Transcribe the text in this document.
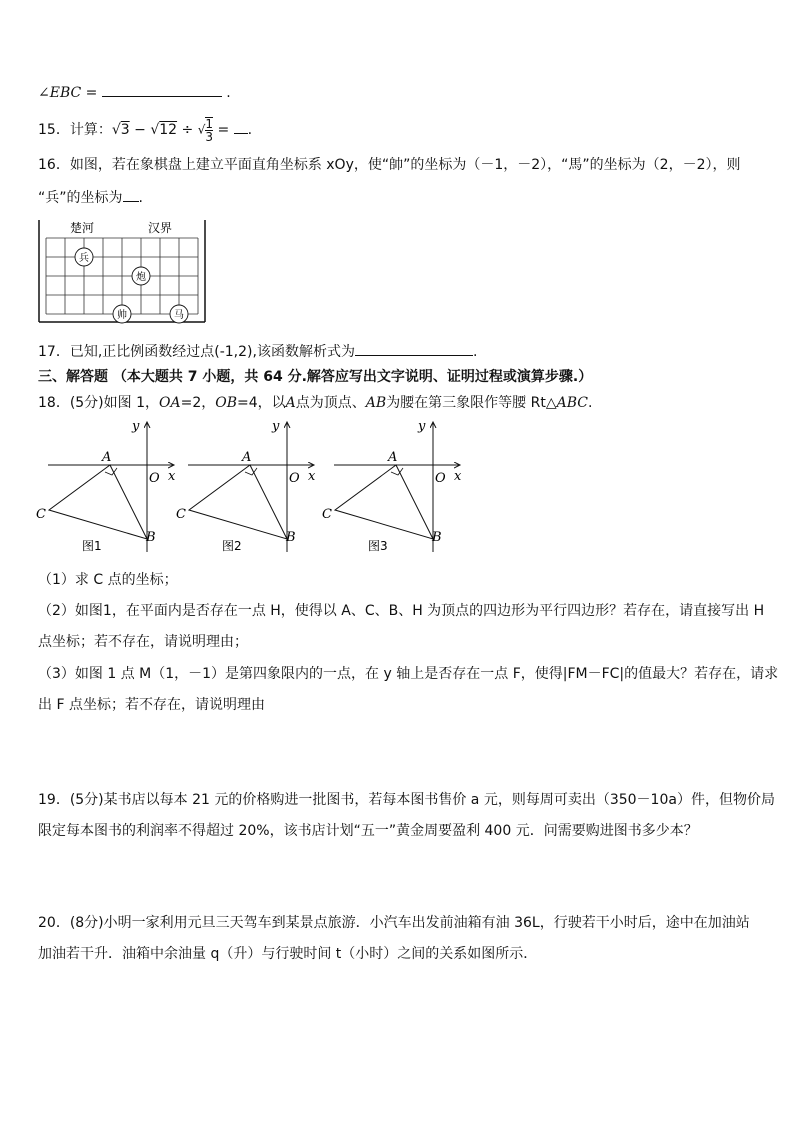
∠EBC =	.
15．计算：√3 − √12 ÷ √ $\frac{1}{3}$ = .
16．如图，若在象棋盘上建立平面直角坐标系 xOy，使“帥”的坐标为（－1，－2），“馬”的坐标为（2，－2），则
“兵”的坐标为 .
楚河	汉界
兵
炮
帅	马
17．已知,正比例函数经过点(-1,2),该函数解析式为	.
三、解答题 （本大题共 7 小题，共 64 分.解答应写出文字说明、证明过程或演算步骤.）
18．(5分)如图 1，OA=2，OB=4，以A点为顶点、AB为腰在第三象限作等腰 Rt△ABC.
y
x
O
A
B
C
图1
y
x
O
A
B
C
图2
y
x
O
A
B
C
图3
（1）求 C 点的坐标；
（2）如图1，在平面内是否存在一点 H，使得以 A、C、B、H 为顶点的四边形为平行四边形？若存在，请直接写出 H
点坐标；若不存在，请说明理由；
（3）如图 1 点 M（1，－1）是第四象限内的一点，在 y 轴上是否存在一点 F，使得|FM－FC|的值最大？若存在，请求
出 F 点坐标；若不存在，请说明理由
19．(5分)某书店以每本 21 元的价格购进一批图书，若每本图书售价 a 元，则每周可卖出（350－10a）件，但物价局
限定每本图书的利润率不得超过 20%，该书店计划“五一”黄金周要盈利 400 元．问需要购进图书多少本？
20．(8分)小明一家利用元旦三天驾车到某景点旅游．小汽车出发前油箱有油 36L，行驶若干小时后，途中在加油站
加油若干升．油箱中余油量 q（升）与行驶时间 t（小时）之间的关系如图所示．
